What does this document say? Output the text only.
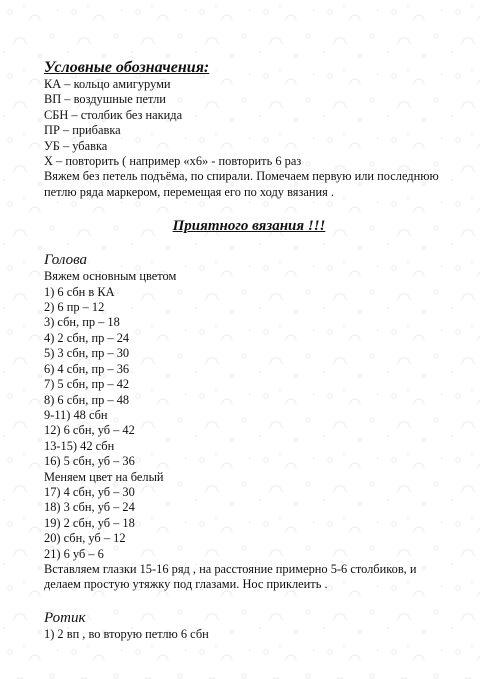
Условные обозначения:
КА – кольцо амигуруми
ВП – воздушные петли
СБН – столбик без накида
ПР – прибавка
УБ – убавка
Х – повторить ( например «х6» - повторить 6 раз
Вяжем без петель подъёма, по спирали. Помечаем первую или последнюю петлю ряда маркером, перемещая его по ходу вязания .
Приятного вязания !!!
Голова
Вяжем основным цветом
1) 6 сбн в КА
2) 6 пр – 12
3) сбн, пр – 18
4) 2 сбн, пр – 24
5) 3 сбн, пр – 30
6) 4 сбн, пр – 36
7) 5 сбн, пр – 42
8) 6 сбн, пр – 48
9-11) 48 сбн
12) 6 сбн, уб – 42
13-15) 42 сбн
16) 5 сбн, уб – 36
Меняем цвет на белый
17) 4 сбн, уб – 30
18) 3 сбн, уб – 24
19) 2 сбн, уб – 18
20) сбн, уб – 12
21) 6 уб – 6
Вставляем глазки 15-16 ряд , на расстояние примерно 5-6 столбиков, и делаем простую утяжку под глазами. Нос приклеить .
Ротик
1) 2 вп , во вторую петлю 6 сбн
